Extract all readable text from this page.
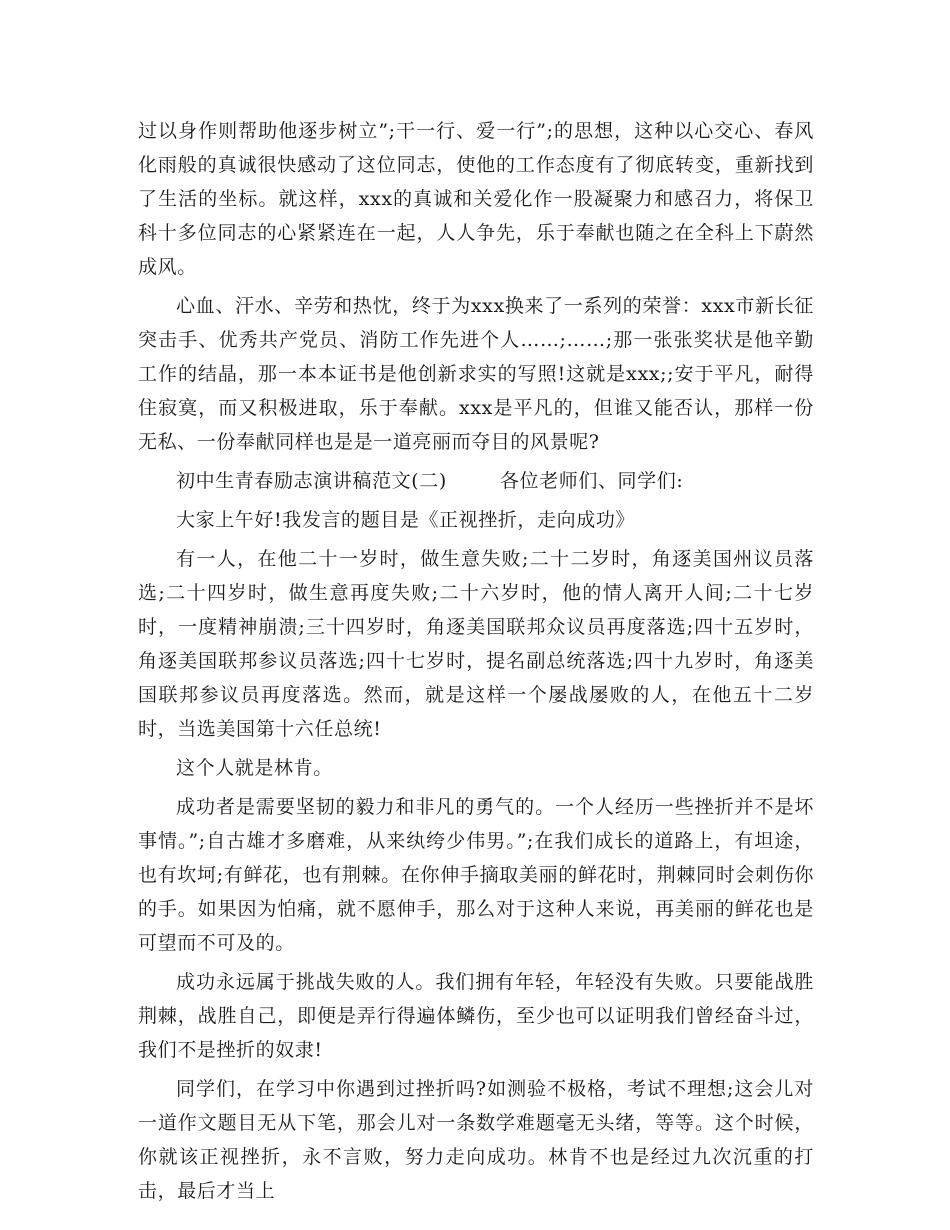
过以身作则帮助他逐步树立”;干一行、爱一行”;的思想，这种以心交心、春风化雨般的真诚很快感动了这位同志，使他的工作态度有了彻底转变，重新找到了生活的坐标。就这样，xxx的真诚和关爱化作一股凝聚力和感召力，将保卫科十多位同志的心紧紧连在一起，人人争先，乐于奉献也随之在全科上下蔚然成风。

心血、汗水、辛劳和热忱，终于为xxx换来了一系列的荣誉：xxx市新长征突击手、优秀共产党员、消防工作先进个人……;……;那一张张奖状是他辛勤工作的结晶，那一本本证书是他创新求实的写照!这就是xxx;;安于平凡，耐得住寂寞，而又积极进取，乐于奉献。xxx是平凡的，但谁又能否认，那样一份无私、一份奉献同样也是是一道亮丽而夺目的风景呢?

初中生青春励志演讲稿范文(二)        各位老师们、同学们:

大家上午好!我发言的题目是《正视挫折，走向成功》

有一人，在他二十一岁时，做生意失败;二十二岁时，角逐美国州议员落选;二十四岁时，做生意再度失败;二十六岁时，他的情人离开人间;二十七岁时，一度精神崩溃;三十四岁时，角逐美国联邦众议员再度落选;四十五岁时，角逐美国联邦参议员落选;四十七岁时，提名副总统落选;四十九岁时，角逐美国联邦参议员再度落选。然而，就是这样一个屡战屡败的人，在他五十二岁时，当选美国第十六任总统!

这个人就是林肯。

成功者是需要坚韧的毅力和非凡的勇气的。一个人经历一些挫折并不是坏事情。”;自古雄才多磨难，从来纨绔少伟男。”;在我们成长的道路上，有坦途，也有坎坷;有鲜花，也有荆棘。在你伸手摘取美丽的鲜花时，荆棘同时会刺伤你的手。如果因为怕痛，就不愿伸手，那么对于这种人来说，再美丽的鲜花也是可望而不可及的。

成功永远属于挑战失败的人。我们拥有年轻，年轻没有失败。只要能战胜荆棘，战胜自己，即便是弄行得遍体鳞伤，至少也可以证明我们曾经奋斗过，我们不是挫折的奴隶!

同学们，在学习中你遇到过挫折吗?如测验不极格，考试不理想;这会儿对一道作文题目无从下笔，那会儿对一条数学难题毫无头绪，等等。这个时候，你就该正视挫折，永不言败，努力走向成功。林肯不也是经过九次沉重的打击，最后才当上
